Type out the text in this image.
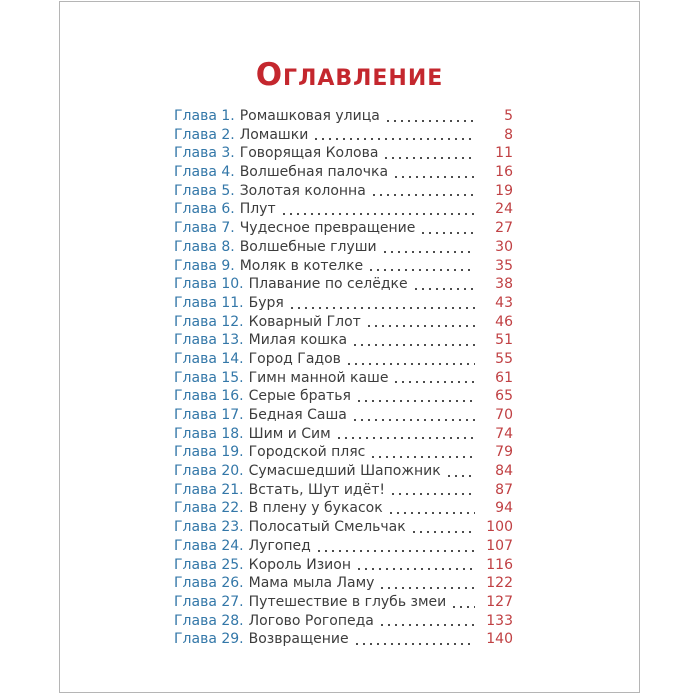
ОГЛАВЛЕНИЕ
Глава 1. Ромашковая улица	5
Глава 2. Ломашки	8
Глава 3. Говорящая Колова	11
Глава 4. Волшебная палочка	16
Глава 5. Золотая колонна	19
Глава 6. Плут	24
Глава 7. Чудесное превращение	27
Глава 8. Волшебные глуши	30
Глава 9. Моляк в котелке	35
Глава 10. Плавание по селёдке	38
Глава 11. Буря	43
Глава 12. Коварный Глот	46
Глава 13. Милая кошка	51
Глава 14. Город Гадов	55
Глава 15. Гимн манной каше	61
Глава 16. Серые братья	65
Глава 17. Бедная Саша	70
Глава 18. Шим и Сим	74
Глава 19. Городской пляс	79
Глава 20. Сумасшедший Шапожник	84
Глава 21. Встать, Шут идёт!	87
Глава 22. В плену у букасок	94
Глава 23. Полосатый Смельчак	100
Глава 24. Лугопед	107
Глава 25. Король Изион	116
Глава 26. Мама мыла Ламу	122
Глава 27. Путешествие в глубь змеи	127
Глава 28. Логово Рогопеда	133
Глава 29. Возвращение	140
